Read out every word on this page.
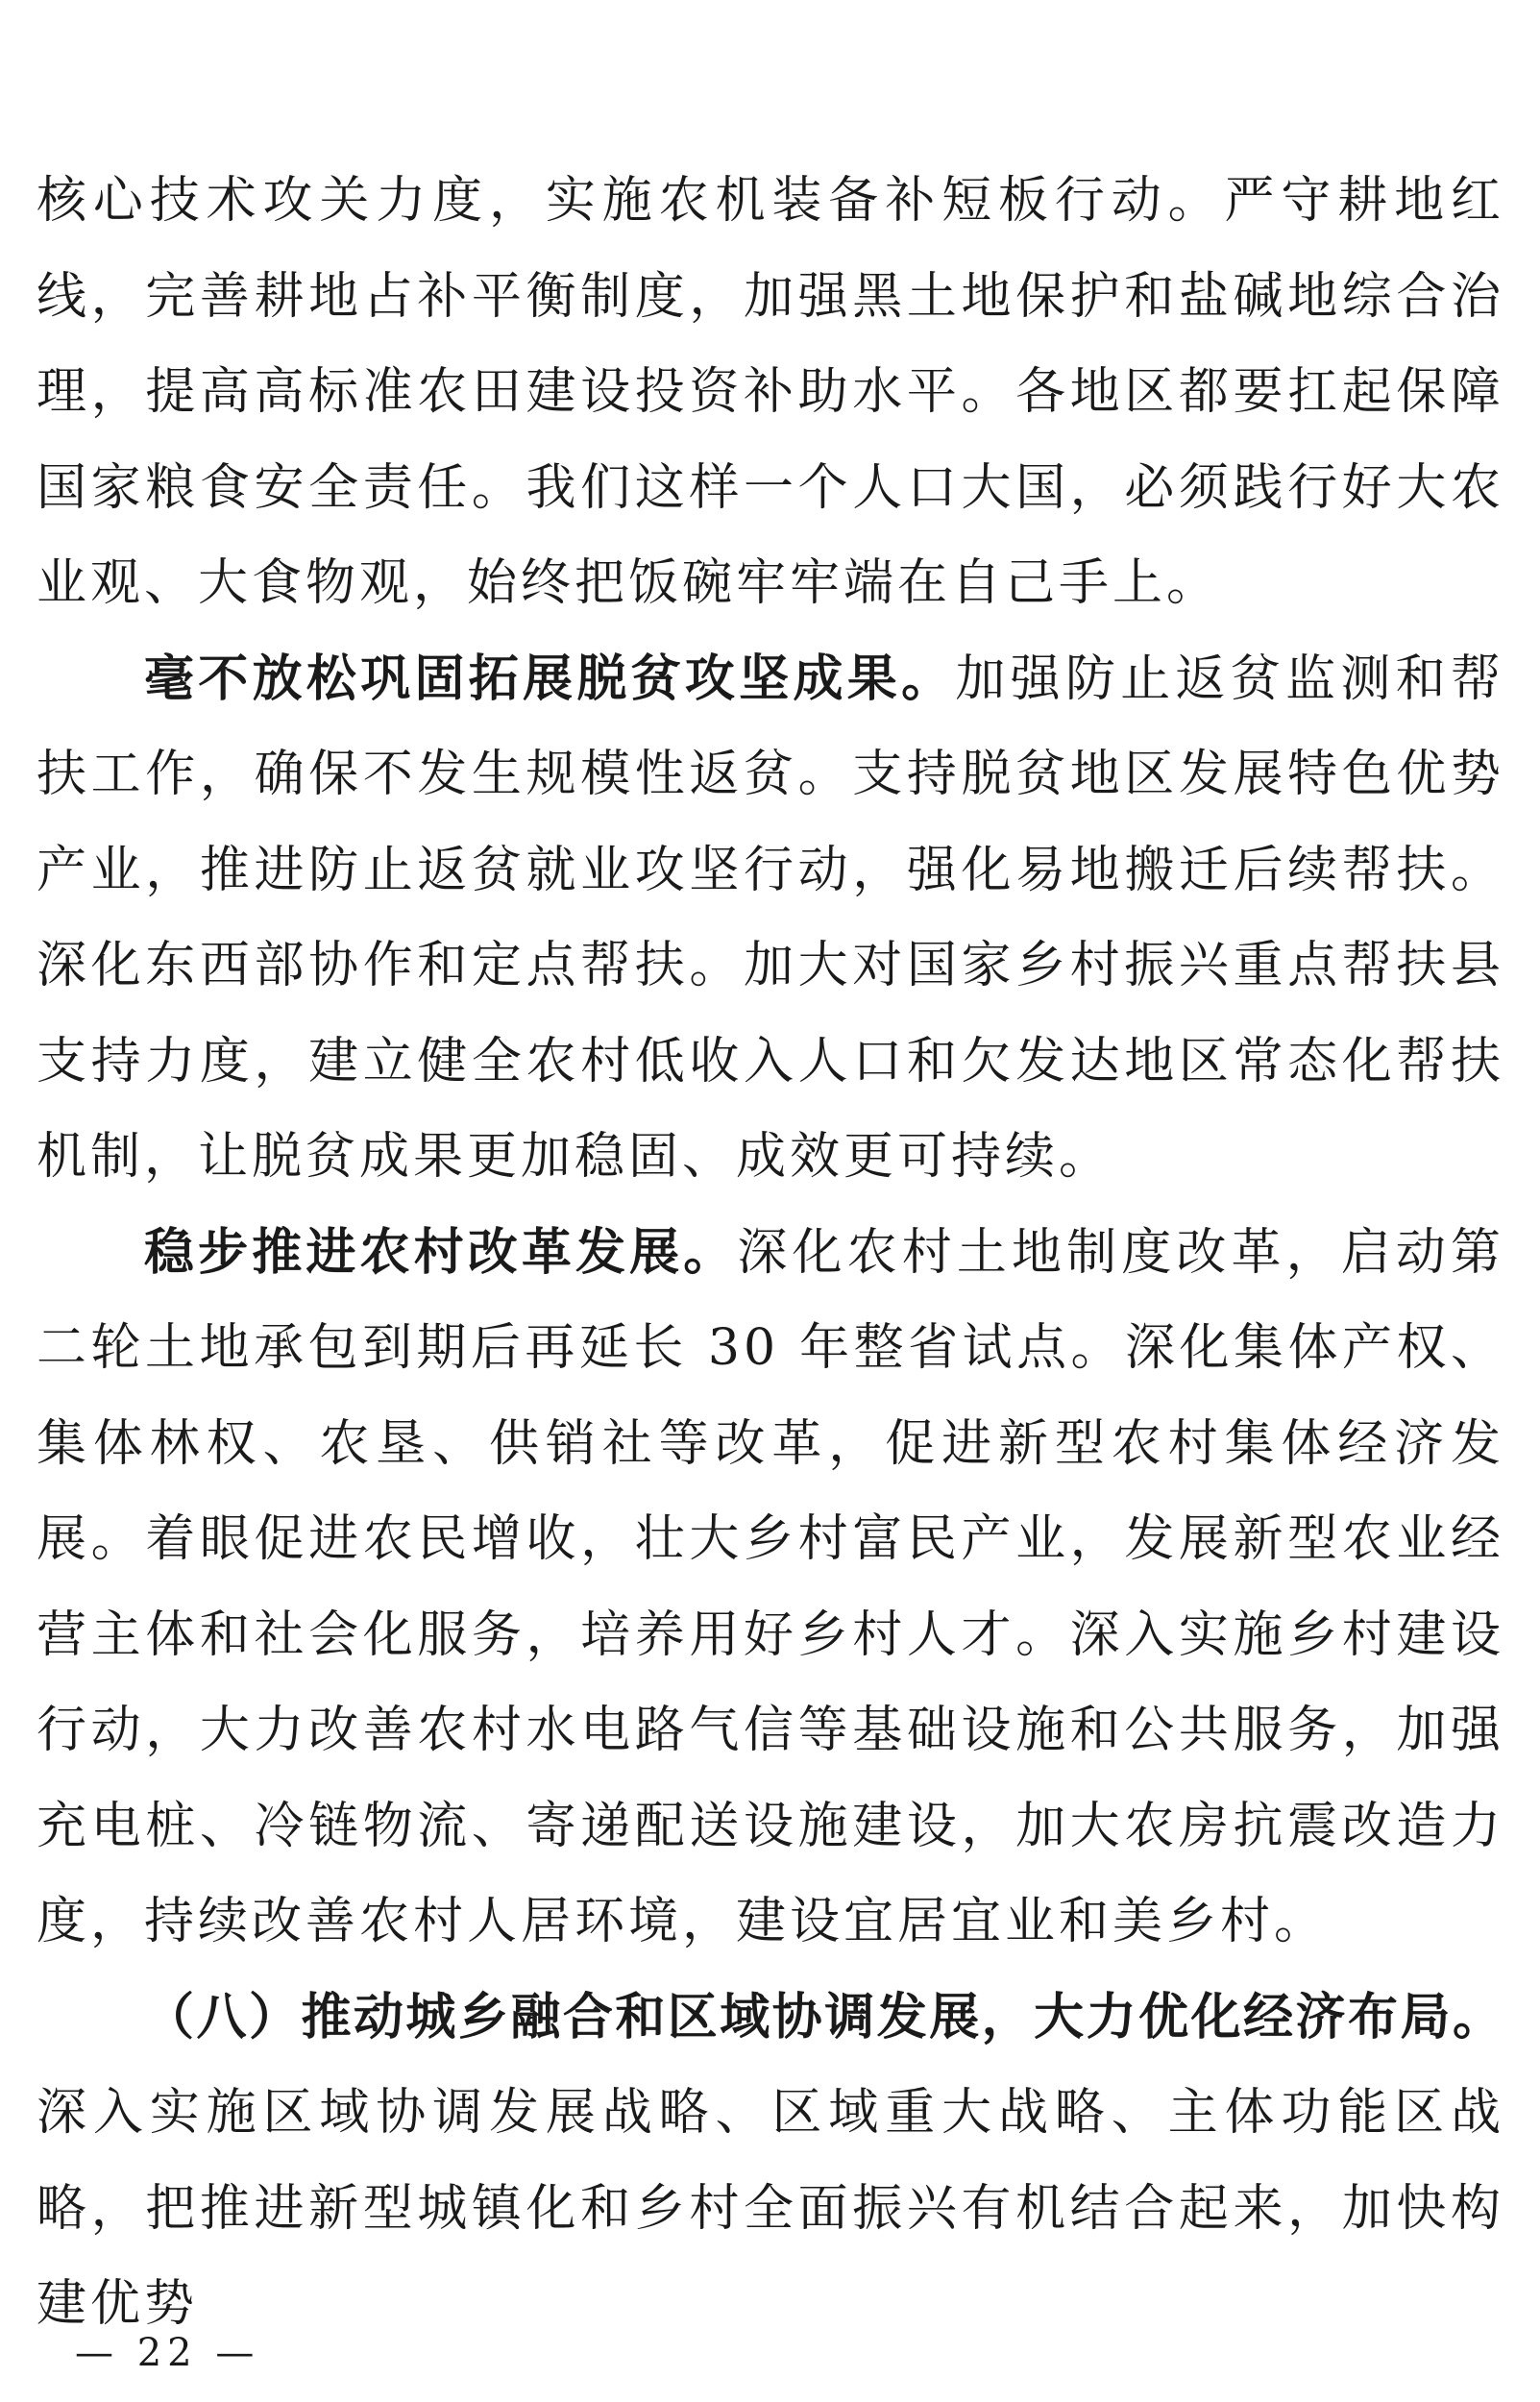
核心技术攻关力度，实施农机装备补短板行动。严守耕地红线，完善耕地占补平衡制度，加强黑土地保护和盐碱地综合治理，提高高标准农田建设投资补助水平。各地区都要扛起保障国家粮食安全责任。我们这样一个人口大国，必须践行好大农业观、大食物观，始终把饭碗牢牢端在自己手上。

毫不放松巩固拓展脱贫攻坚成果。加强防止返贫监测和帮扶工作，确保不发生规模性返贫。支持脱贫地区发展特色优势产业，推进防止返贫就业攻坚行动，强化易地搬迁后续帮扶。深化东西部协作和定点帮扶。加大对国家乡村振兴重点帮扶县支持力度，建立健全农村低收入人口和欠发达地区常态化帮扶机制，让脱贫成果更加稳固、成效更可持续。

稳步推进农村改革发展。深化农村土地制度改革，启动第二轮土地承包到期后再延长 30 年整省试点。深化集体产权、集体林权、农垦、供销社等改革，促进新型农村集体经济发展。着眼促进农民增收，壮大乡村富民产业，发展新型农业经营主体和社会化服务，培养用好乡村人才。深入实施乡村建设行动，大力改善农村水电路气信等基础设施和公共服务，加强充电桩、冷链物流、寄递配送设施建设，加大农房抗震改造力度，持续改善农村人居环境，建设宜居宜业和美乡村。

（八）推动城乡融合和区域协调发展，大力优化经济布局。深入实施区域协调发展战略、区域重大战略、主体功能区战略，把推进新型城镇化和乡村全面振兴有机结合起来，加快构建优势

— 22 —
